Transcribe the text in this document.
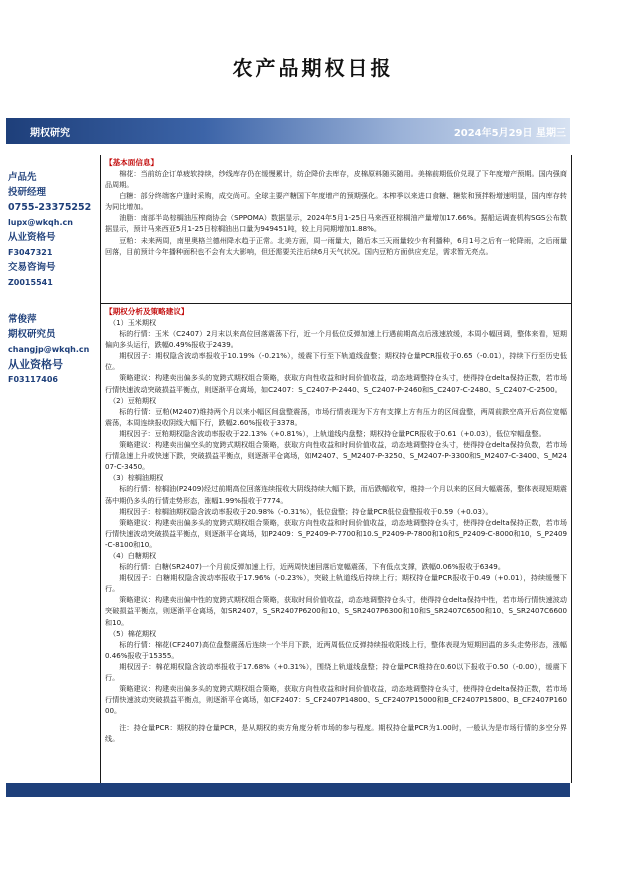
农产品期权日报
期权研究	2024年5月29日 星期三
卢品先
投研经理
0755-23375252
lupx@wkqh.cn
从业资格号
F3047321
交易咨询号
Z0015541
常俊萍
期权研究员
changjp@wkqh.cn
从业资格号
F03117406
【基本面信息】

棉花：当前纺企订单疲软持续，纱线库存仍在缓慢累计，纺企降价去库存，皮棉原料随买随用。美棉前期低价兑现了下年度增产预期。国内强商品周期。

白糖：部分终端客户逢时采购，成交尚可。全球主要产糖国下年度增产的预期强化。本榨季以来进口食糖、糖浆和预拌粉增速明显，国内库存转为同比增加。

油脂：南部半岛棕榈油压榨商协会（SPPOMA）数据显示，2024年5月1-25日马来西亚棕榈油产量增加17.66%。据船运调查机构SGS公布数据显示，预计马来西亚5月1-25日棕榈油出口量为949451吨，较上月同期增加1.88%。

豆粕：未来两周，南里奥格兰德州降水趋于正常。北美方面，周一雨量大，随后本三天雨量较少有利播种，6月1号之后有一轮降雨，之后雨量回落，目前预计今年播种面积也不会有太大影响，但还需要关注后续6月天气状况。国内豆粕方面供应充足，需求暂无亮点。

【期权分析及策略建议】
（1）玉米期权

标的行情：玉米（C2407）2月末以来高位回落震荡下行，近一个月低位反弹加速上行遇前期高点后涨速放缓，本周小幅回调，整体来看，短期偏向多头运行，跌幅0.49%报收于2439。

期权因子：期权隐含波动率报收于10.19%（-0.21%），缓震下行至下轨道线盘整；期权持仓量PCR报收于0.65（-0.01），持续下行至历史低位。

策略建议：构建卖出偏多头的宽跨式期权组合策略，获取方向性收益和时间价值收益，动态地调整持仓头寸，使得持仓delta保持正数，若市场行情快速波动突破损益平衡点，则逐渐平仓离场，如C2407：S_C2407-P-2440、S_C2407-P-2460和S_C2407-C-2480、S_C2407-C-2500。

（2）豆粕期权

标的行情：豆粕(M2407)维持两个月以来小幅区间盘整震荡，市场行情表现为下方有支撑上方有压力的区间盘整，两周前跌空高开后高位宽幅震荡，本周连续报收阴线大幅下行，跌幅2.60%报收于3378。

期权因子：豆粕期权隐含波动率报收于22.13%（+0.81%），上轨道线内盘整；期权持仓量PCR报收于0.61（+0.03），低位窄幅盘整。

策略建议：构建卖出偏空头的宽跨式期权组合策略，获取方向性收益和时间价值收益，动态地调整持仓头寸，使得持仓delta保持负数，若市场行情急速上升或快速下跌，突破损益平衡点，则逐渐平仓离场，如M2407、S_M2407-P-3250、S_M2407-P-3300和S_M2407-C-3400、S_M2407-C-3450。

（3）棕榈油期权

标的行情：棕榈油(P2409)经过前期高位回落连续报收大阴线持续大幅下跌，而后跌幅收窄，维持一个月以来的区间大幅震荡，整体表现短期震荡中期仍多头的行情走势形态，涨幅1.99%报收于7774。

期权因子：棕榈油期权隐含波动率报收于20.98%（-0.31%），低位盘整；持仓量PCR低位盘整报收于0.59（+0.03）。

策略建议：构建卖出偏多头的宽跨式期权组合策略，获取方向性收益和时间价值收益，动态地调整持仓头寸，使得持仓delta保持正数，若市场行情快速波动突破损益平衡点，则逐渐平仓离场，如P2409：S_P2409-P-7700和10.S_P2409-P-7800和10和S_P2409-C-8000和10，S_P2409-C-8100和10。

（4）白糖期权

标的行情：白糖(SR2407)一个月前反弹加速上行，近两周快速回落后宽幅震荡，下有低点支撑，跌幅0.06%报收于6349。

期权因子：白糖期权隐含波动率报收于17.96%（-0.23%），突破上轨道线后持续上行；期权持仓量PCR报收于0.49（+0.01），持续缓慢下行。

策略建议：构建卖出偏中性的宽跨式期权组合策略，获取时间价值收益，动态地调整持仓头寸，使得持仓delta保持中性，若市场行情快速波动突破损益平衡点，则逐渐平仓离场，如SR2407，S_SR2407P6200和10、S_SR2407P6300和10和S_SR2407C6500和10、S_SR2407C6600和10。

（5）棉花期权

标的行情：棉花(CF2407)高位盘整震荡后连续一个半月下跌，近两周低位反弹持续报收阳线上行，整体表现为短期回温的多头走势形态，涨幅0.46%报收于15355。

期权因子：棉花期权隐含波动率报收于17.68%（+0.31%），围绕上轨道线盘整；持仓量PCR维持在0.60以下报收于0.50（-0.00），缓震下行。

策略建议：构建卖出偏多头的宽跨式期权组合策略，获取方向性收益和时间价值收益，动态地调整持仓头寸，使得持仓delta保持正数，若市场行情快速波动突破损益平衡点，则逐渐平仓离场，如CF2407：S_CF2407P14800、S_CF2407P15000和B_CF2407P15800、B_CF2407P16000。

注：持仓量PCR：期权的持仓量PCR，是从期权的卖方角度分析市场的参与程度。期权持仓量PCR为1.00时，一般认为是市场行情的多空分界线。
